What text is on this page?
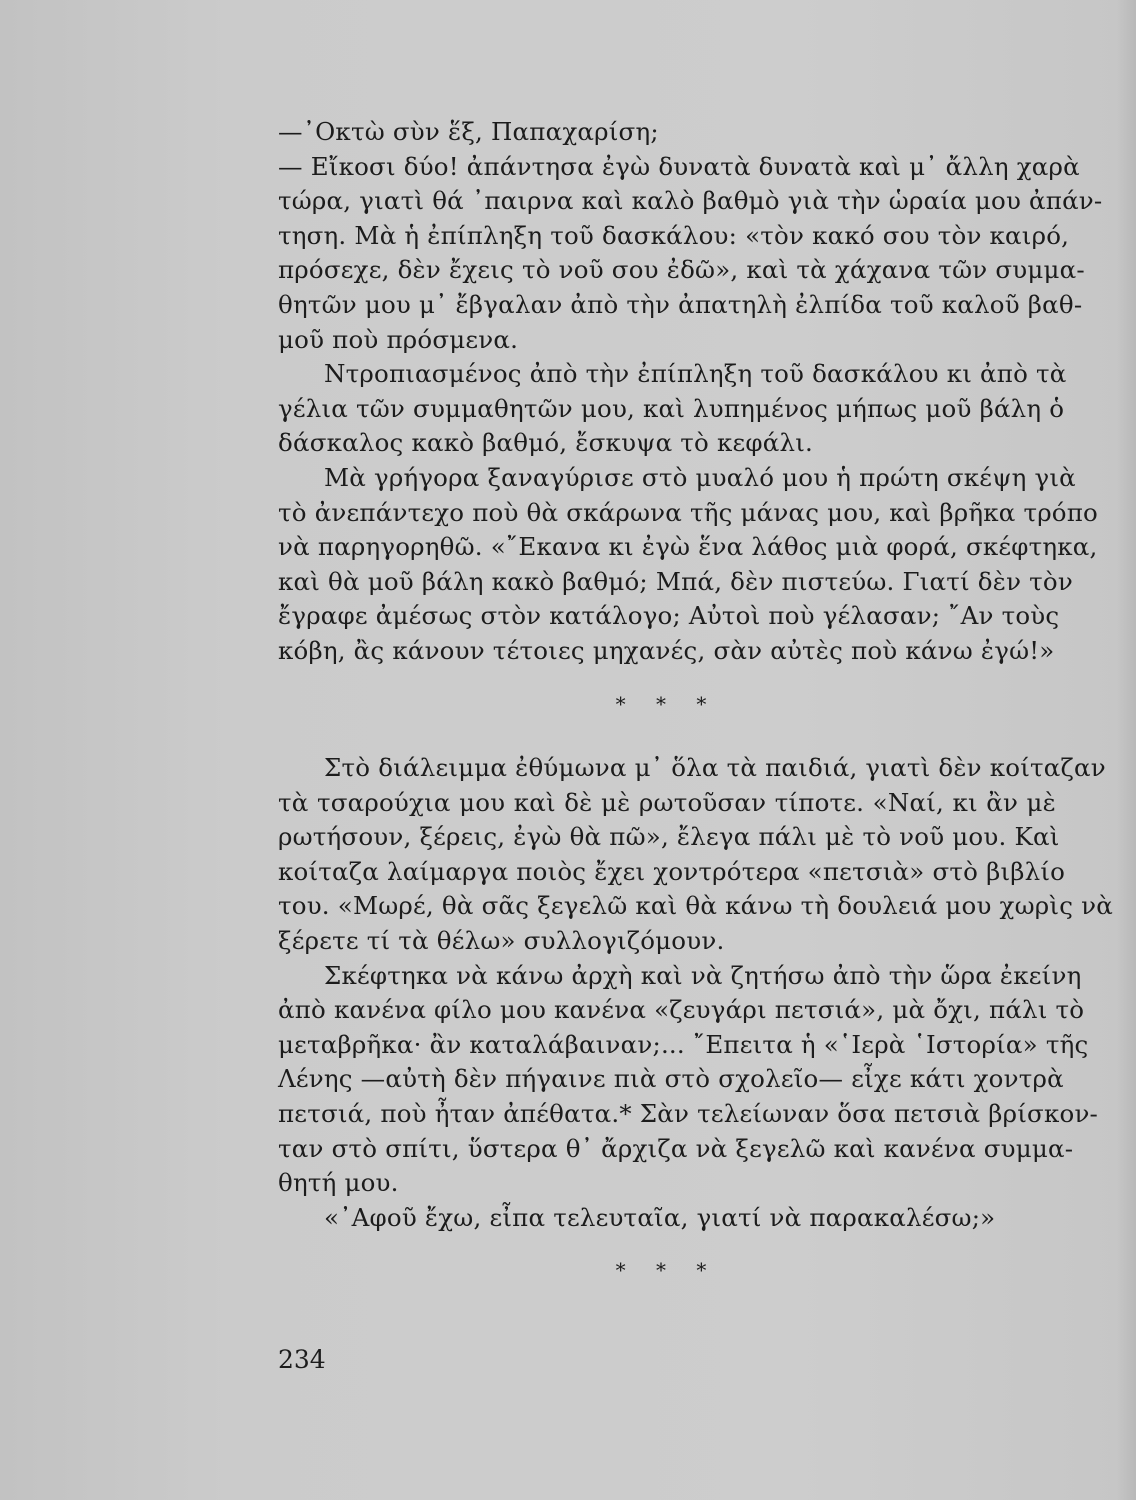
—᾿Οκτὼ σὺν ἕξ, Παπαχαρίση;
— Εἴκοσι δύο! ἀπάντησα ἐγὼ δυνατὰ δυνατὰ καὶ μ᾿ ἄλλη χαρὰ
τώρα, γιατὶ θά ᾿παιρνα καὶ καλὸ βαθμὸ γιὰ τὴν ὡραία μου ἀπάν-
τηση. Μὰ ἡ ἐπίπληξη τοῦ δασκάλου: «τὸν κακό σου τὸν καιρό,
πρόσεχε, δὲν ἔχεις τὸ νοῦ σου ἐδῶ», καὶ τὰ χάχανα τῶν συμμα-
θητῶν μου μ᾿ ἔβγαλαν ἀπὸ τὴν ἀπατηλὴ ἐλπίδα τοῦ καλοῦ βαθ-
μοῦ ποὺ πρόσμενα.
Ντροπιασμένος ἀπὸ τὴν ἐπίπληξη τοῦ δασκάλου κι ἀπὸ τὰ
γέλια τῶν συμμαθητῶν μου, καὶ λυπημένος μήπως μοῦ βάλη ὁ
δάσκαλος κακὸ βαθμό, ἔσκυψα τὸ κεφάλι.
Μὰ γρήγορα ξαναγύρισε στὸ μυαλό μου ἡ πρώτη σκέψη γιὰ
τὸ ἀνεπάντεχο ποὺ θὰ σκάρωνα τῆς μάνας μου, καὶ βρῆκα τρόπο
νὰ παρηγορηθῶ. «῎Εκανα κι ἐγὼ ἕνα λάθος μιὰ φορά, σκέφτηκα,
καὶ θὰ μοῦ βάλη κακὸ βαθμό; Μπά, δὲν πιστεύω. Γιατί δὲν τὸν
ἔγραφε ἀμέσως στὸν κατάλογο; Αὐτοὶ ποὺ γέλασαν; ῎Αν τοὺς
κόβη, ἂς κάνουν τέτοιες μηχανές, σὰν αὐτὲς ποὺ κάνω ἐγώ!»
* * *
Στὸ διάλειμμα ἐθύμωνα μ᾿ ὅλα τὰ παιδιά, γιατὶ δὲν κοίταζαν
τὰ τσαρούχια μου καὶ δὲ μὲ ρωτοῦσαν τίποτε. «Ναί, κι ἂν μὲ
ρωτήσουν, ξέρεις, ἐγὼ θὰ πῶ», ἔλεγα πάλι μὲ τὸ νοῦ μου. Καὶ
κοίταζα λαίμαργα ποιὸς ἔχει χοντρότερα «πετσιὰ» στὸ βιβλίο
του. «Μωρέ, θὰ σᾶς ξεγελῶ καὶ θὰ κάνω τὴ δουλειά μου χωρὶς νὰ
ξέρετε τί τὰ θέλω» συλλογιζόμουν.
Σκέφτηκα νὰ κάνω ἀρχὴ καὶ νὰ ζητήσω ἀπὸ τὴν ὥρα ἐκείνη
ἀπὸ κανένα φίλο μου κανένα «ζευγάρι πετσιά», μὰ ὄχι, πάλι τὸ
μεταβρῆκα· ἂν καταλάβαιναν;... ῎Επειτα ἡ «῾Ιερὰ ῾Ιστορία» τῆς
Λένης —αὐτὴ δὲν πήγαινε πιὰ στὸ σχολεῖο— εἶχε κάτι χοντρὰ
πετσιά, ποὺ ἦταν ἀπέθατα.* Σὰν τελείωναν ὅσα πετσιὰ βρίσκον-
ταν στὸ σπίτι, ὕστερα θ᾿ ἄρχιζα νὰ ξεγελῶ καὶ κανένα συμμα-
θητή μου.
«᾿Αφοῦ ἔχω, εἶπα τελευταῖα, γιατί νὰ παρακαλέσω;»
* * *
234
